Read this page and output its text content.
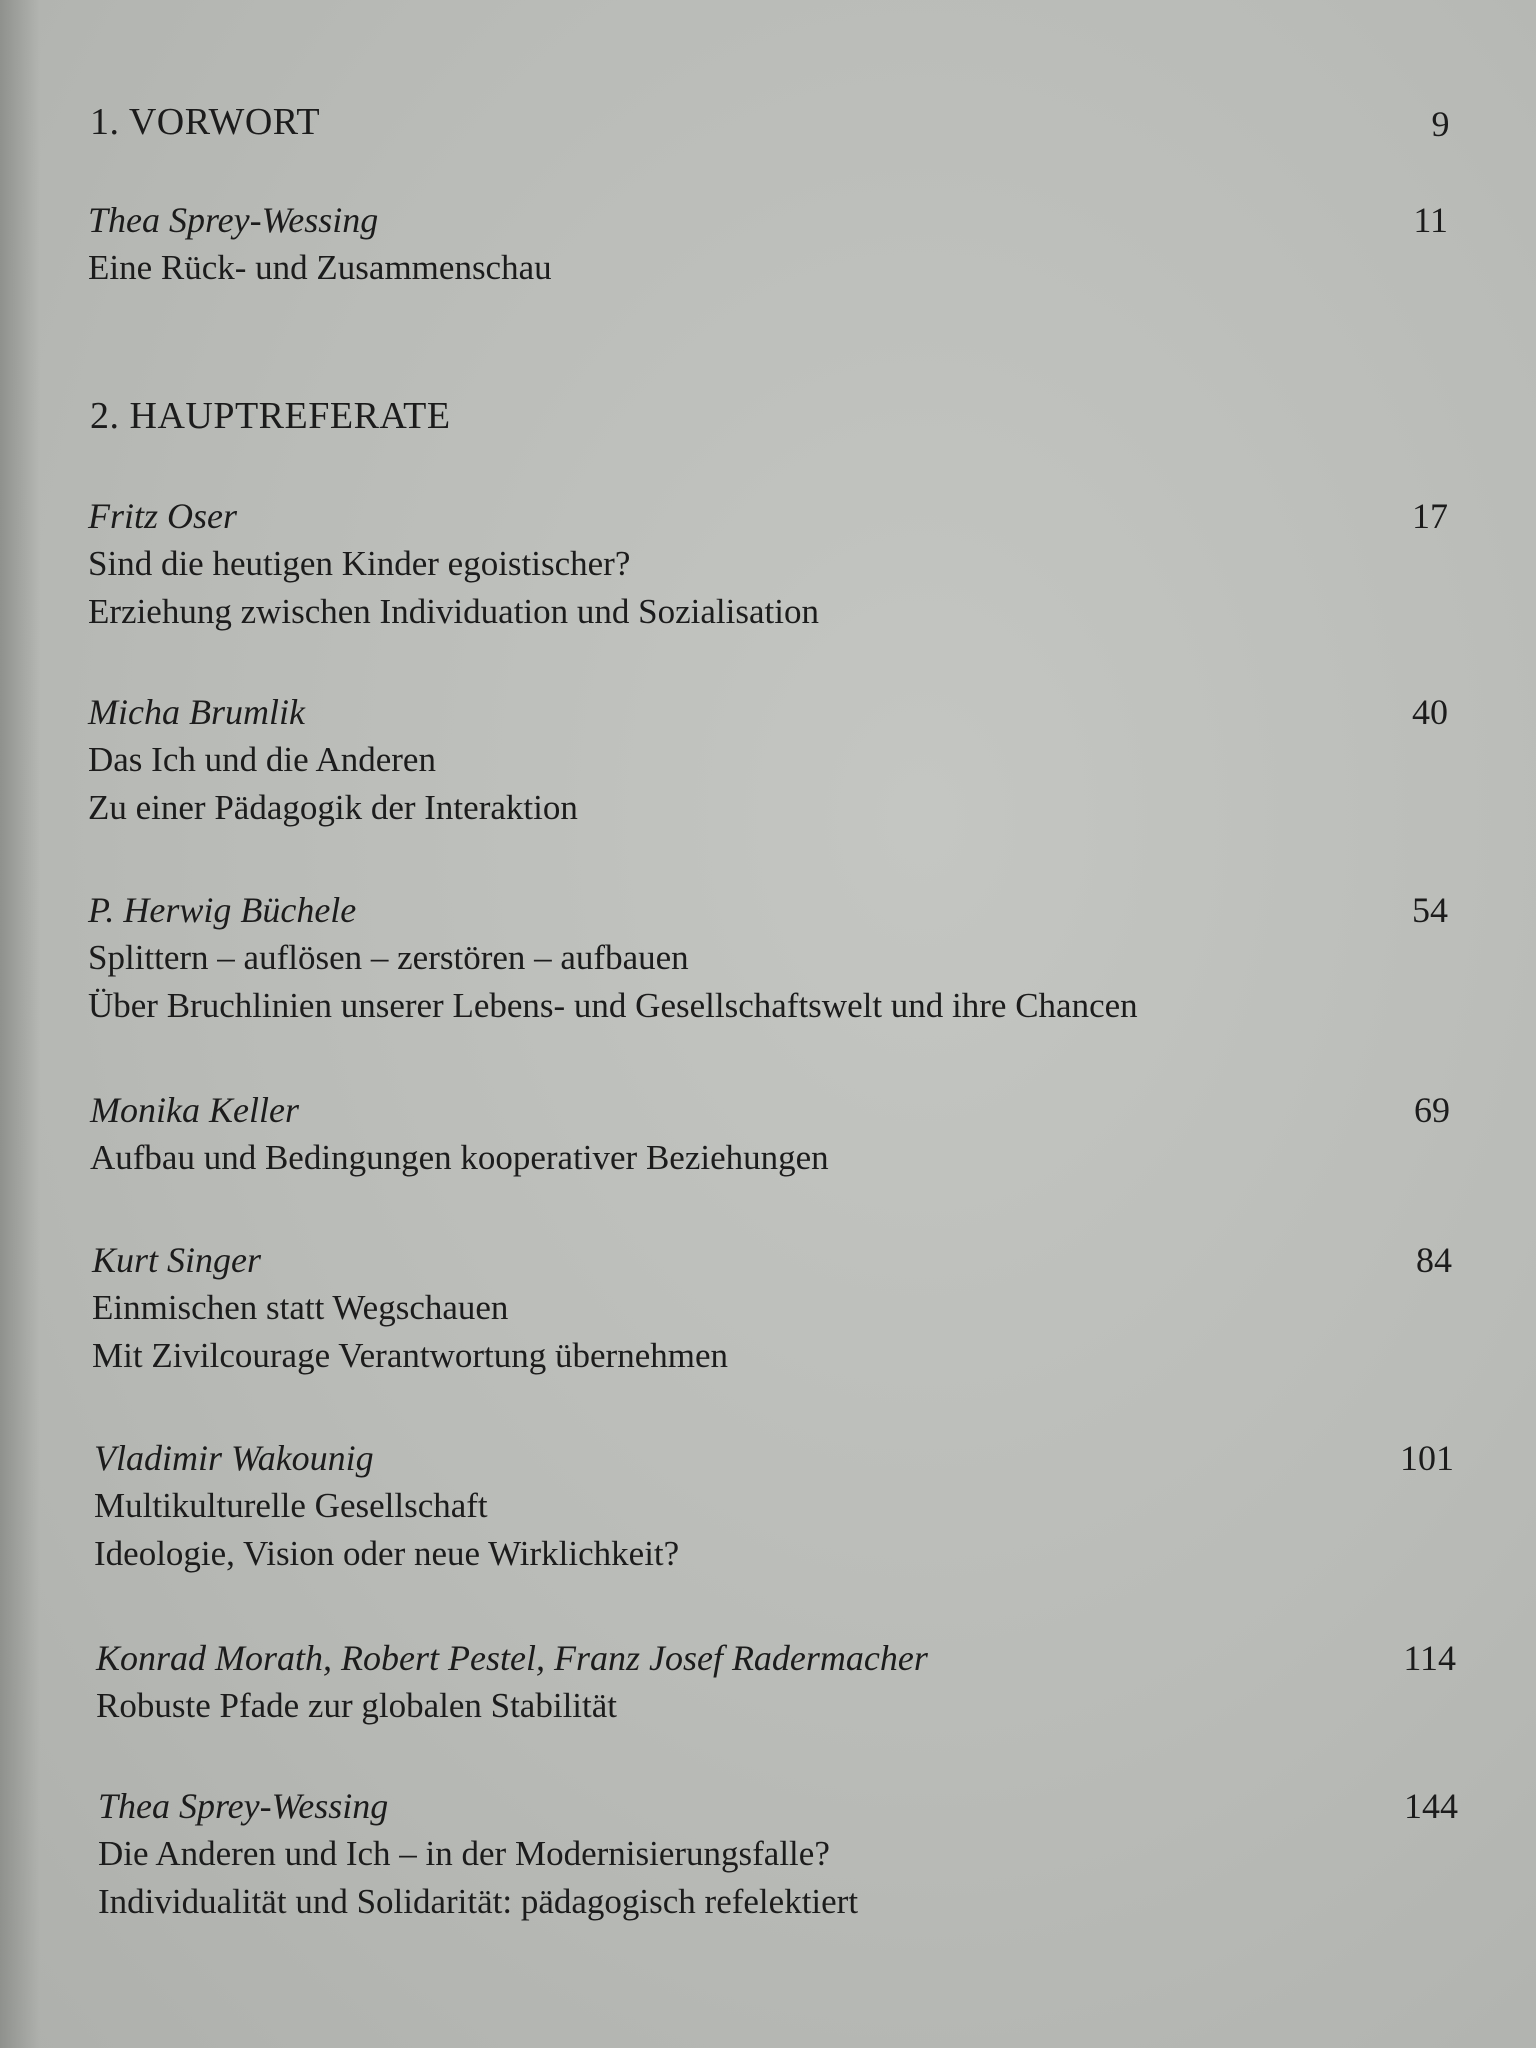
1. VORWORT	9
Thea Sprey-Wessing
Eine Rück- und Zusammenschau
11
2. HAUPTREFERATE
Fritz Oser
Sind die heutigen Kinder egoistischer?
Erziehung zwischen Individuation und Sozialisation
17
Micha Brumlik
Das Ich und die Anderen
Zu einer Pädagogik der Interaktion
40
P. Herwig Büchele
Splittern – auflösen – zerstören – aufbauen
Über Bruchlinien unserer Lebens- und Gesellschaftswelt und ihre Chancen
54
Monika Keller
Aufbau und Bedingungen kooperativer Beziehungen
69
Kurt Singer
Einmischen statt Wegschauen
Mit Zivilcourage Verantwortung übernehmen
84
Vladimir Wakounig
Multikulturelle Gesellschaft
Ideologie, Vision oder neue Wirklichkeit?
101
Konrad Morath, Robert Pestel, Franz Josef Radermacher
Robuste Pfade zur globalen Stabilität
114
Thea Sprey-Wessing
Die Anderen und Ich – in der Modernisierungsfalle?
Individualität und Solidarität: pädagogisch refelektiert
144
